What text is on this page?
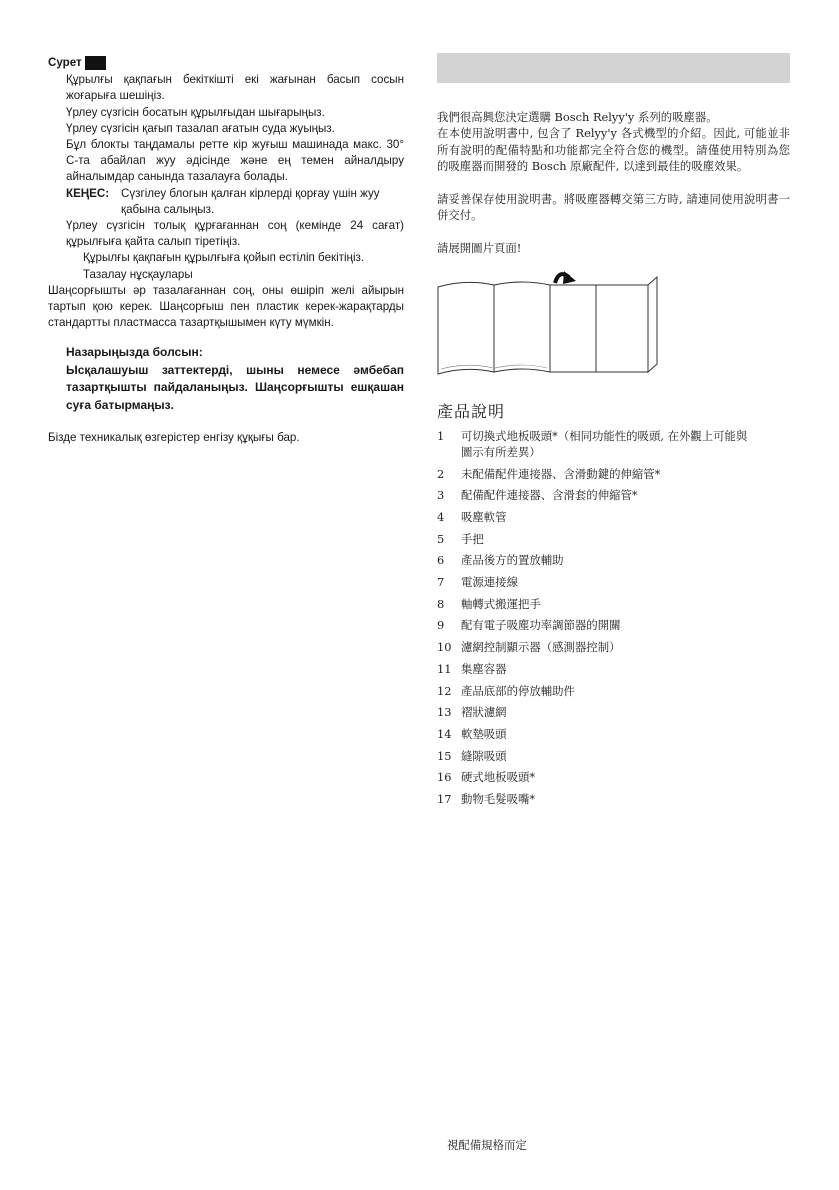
Сурет
Құрылғы қақпағын бекіткішті екі жағынан басып сосын жоғарыға шешіңіз.
Үрлеу сүзгісін босатын құрылғыдан шығарыңыз.
Үрлеу сүзгісін қағып тазалап ағатын суда жуыңыз.
Бұл блокты таңдамалы ретте кір жуғыш машинада макс. 30° C-та абайлап жуу әдісінде және ең темен айналдыру айналымдар санында тазалауға болады.
КЕҢЕС:	Сүзгілеу блогын қалған кірлерді қорғау үшін жуу қабына салыңыз.
Үрлеу сүзгісін толық құрғағаннан соң (кемінде 24 сағат) құрылғыға қайта салып тіретіңіз.
Құрылғы қақпағын құрылғыға қойып естіліп бекітіңіз.
Тазалау нұсқаулары
Шаңсорғышты әр тазалағаннан соң, оны өшіріп желі айырын тартып қою керек. Шаңсорғыш пен пластик керек-жарақтарды стандартты пластмасса тазартқышымен күту мүмкін.
Назарыңызда болсын:
Ысқалашуыш заттектерді, шыны немесе әмбебап тазартқышты пайдаланыңыз. Шаңсорғышты ешқашан суға батырмаңыз.
Бізде техникалық өзгерістер енгізу құқығы бар.
我們很高興您決定選購 Bosch Relyy'y 系列的吸塵器。
在本使用說明書中, 包含了 Relyy'y 各式機型的介紹。因此, 可能並非所有說明的配備特點和功能都完全符合您的機型。請僅使用特別為您的吸塵器而開發的 Bosch 原廠配件, 以達到最佳的吸塵效果。
請妥善保存使用說明書。將吸塵器轉交第三方時, 請連同使用說明書一併交付。
請展開圖片頁面!
產品說明
1	可切換式地板吸頭*（相同功能性的吸頭, 在外觀上可能與
圖示有所差異）
2	未配備配件連接器、含滑動鍵的伸縮管*
3	配備配件連接器、含滑套的伸縮管*
4	吸塵軟管
5	手把
6	產品後方的置放輔助
7	電源連接線
8	軸轉式搬運把手
9	配有電子吸塵功率調節器的開關
10 濾網控制顯示器（感測器控制）
11 集塵容器
12 產品底部的停放輔助件
13 褶狀濾網
14 軟墊吸頭
15 縫隙吸頭
16 硬式地板吸頭*
17 動物毛髮吸嘴*
視配備規格而定
